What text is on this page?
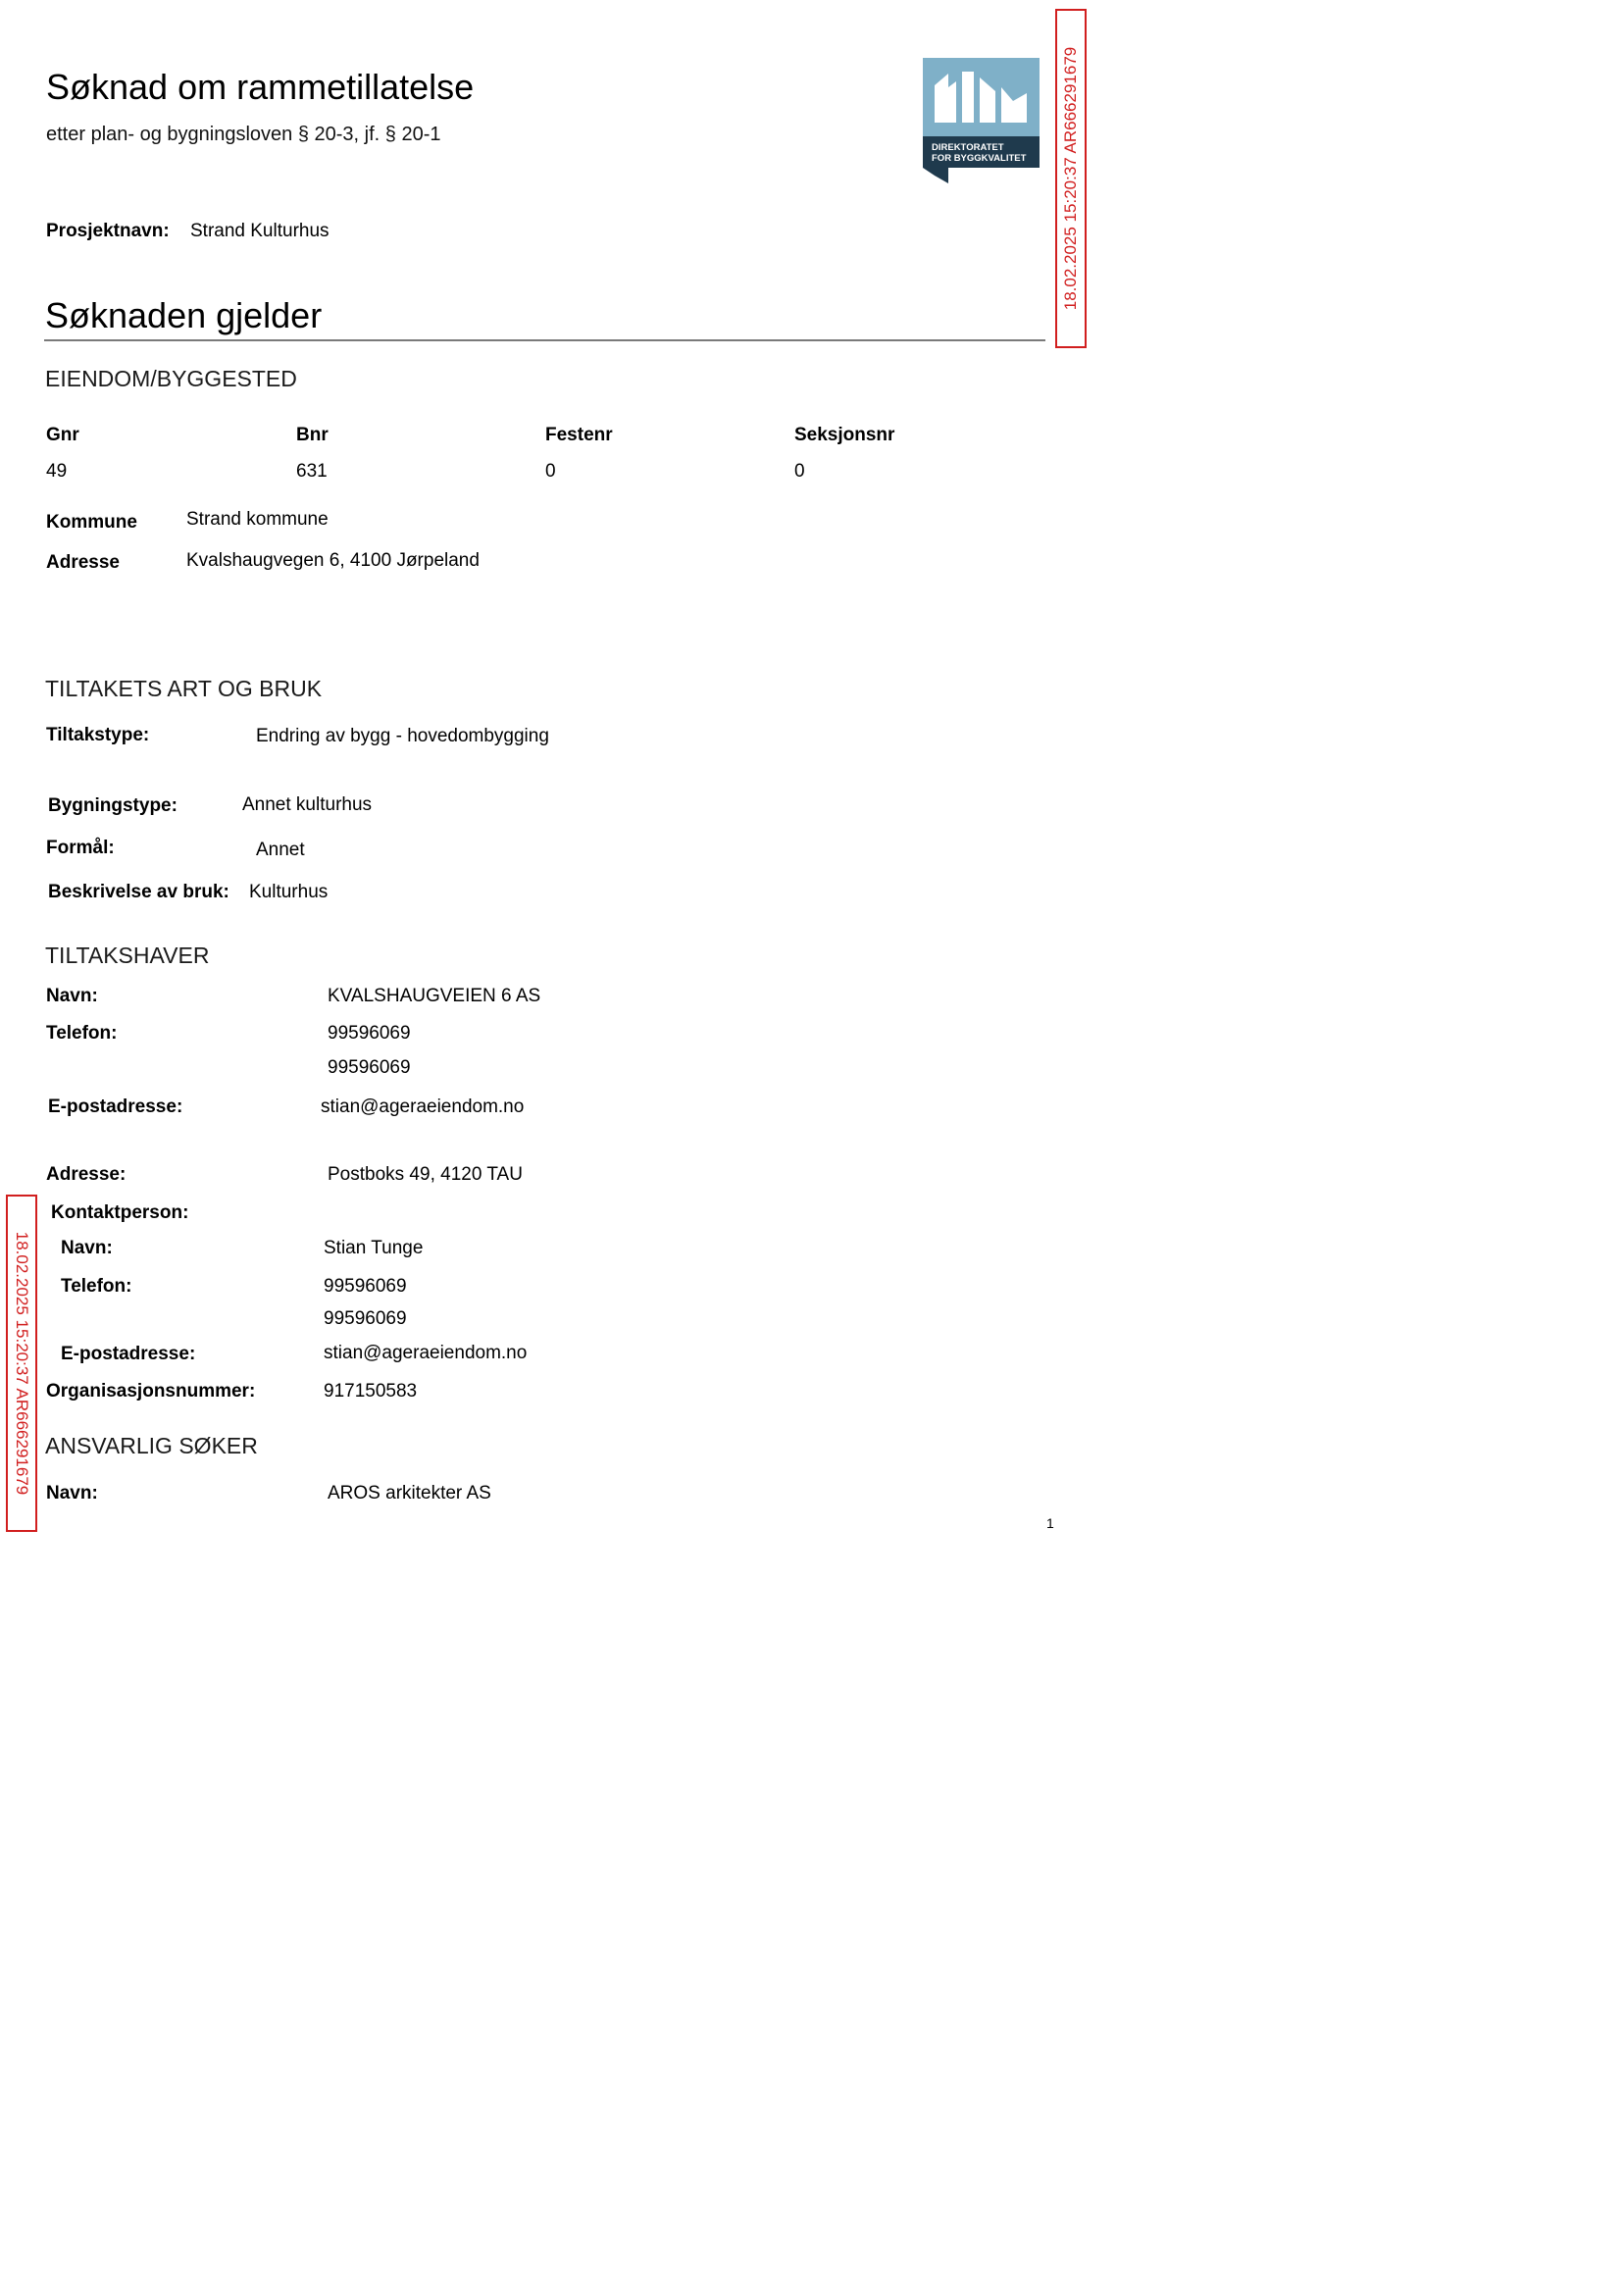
Søknad om rammetillatelse
etter plan- og bygningsloven § 20-3, jf. § 20-1
DIREKTORATET
FOR BYGGKVALITET
Prosjektnavn: Strand Kulturhus
Søknaden gjelder
EIENDOM/BYGGESTED
Gnr	Bnr	Festenr	Seksjonsnr
49	631	0	0
Kommune	Strand kommune
Adresse	Kvalshaugvegen 6, 4100 Jørpeland
TILTAKETS ART OG BRUK
Tiltakstype:	Endring av bygg - hovedombygging
Bygningstype:	Annet kulturhus
Formål:	Annet
Beskrivelse av bruk: Kulturhus
TILTAKSHAVER
Navn:	KVALSHAUGVEIEN 6 AS
Telefon:	99596069
99596069
E-postadresse:	stian@ageraeiendom.no
Adresse:	Postboks 49, 4120 TAU
Kontaktperson:
Navn:	Stian Tunge
Telefon:	99596069
99596069
E-postadresse:	stian@ageraeiendom.no
Organisasjonsnummer:	917150583
ANSVARLIG SØKER
Navn:	AROS arkitekter AS
18.02.2025 15:20:37 AR666291679
18.02.2025 15:20:37 AR666291679
1
